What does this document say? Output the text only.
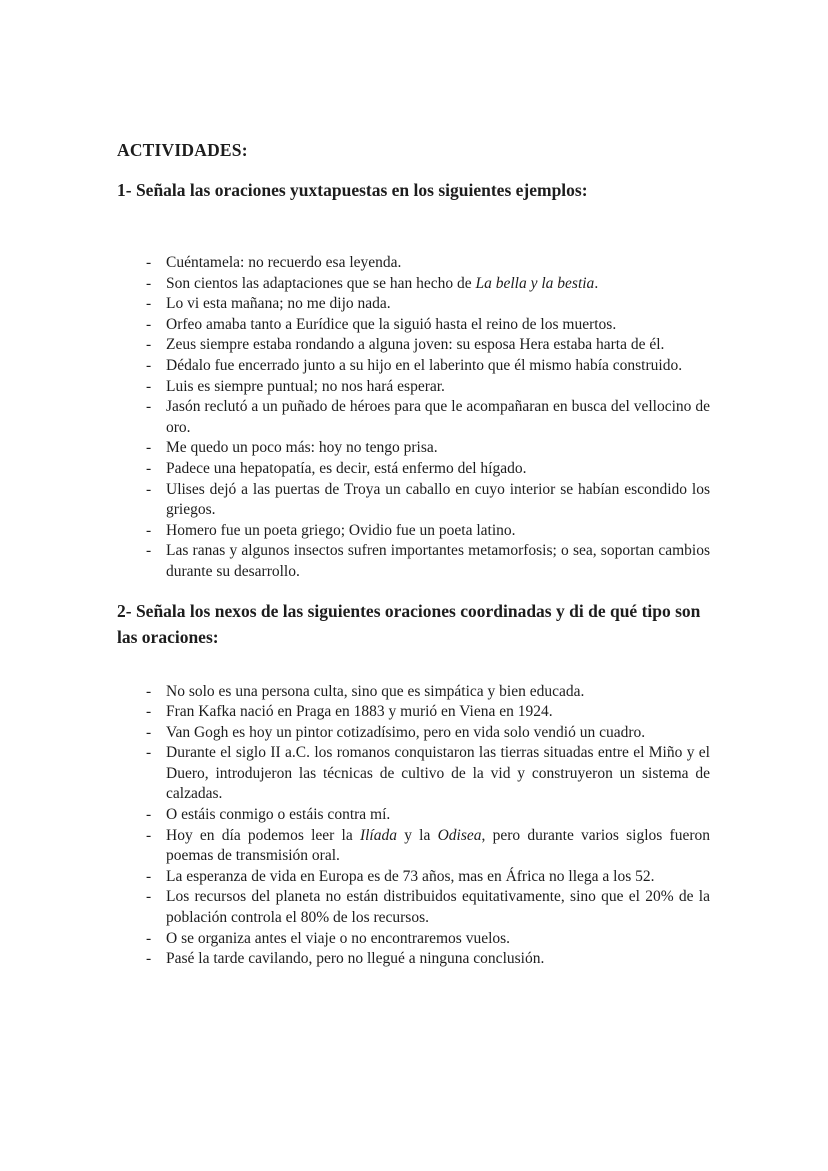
ACTIVIDADES:
1- Señala las oraciones yuxtapuestas en los siguientes ejemplos:
- Cuéntamela: no recuerdo esa leyenda.
- Son cientos las adaptaciones que se han hecho de La bella y la bestia.
- Lo vi esta mañana; no me dijo nada.
- Orfeo amaba tanto a Eurídice que la siguió hasta el reino de los muertos.
- Zeus siempre estaba rondando a alguna joven: su esposa Hera estaba harta de él.
- Dédalo fue encerrado junto a su hijo en el laberinto que él mismo había construido.
- Luis es siempre puntual; no nos hará esperar.
- Jasón reclutó a un puñado de héroes para que le acompañaran en busca del vellocino de oro.
- Me quedo un poco más: hoy no tengo prisa.
- Padece una hepatopatía, es decir, está enfermo del hígado.
- Ulises dejó a las puertas de Troya un caballo en cuyo interior se habían escondido los griegos.
- Homero fue un poeta griego; Ovidio fue un poeta latino.
- Las ranas y algunos insectos sufren importantes metamorfosis; o sea, soportan cambios durante su desarrollo.
2- Señala los nexos de las siguientes oraciones coordinadas y di de qué tipo son las oraciones:
- No solo es una persona culta, sino que es simpática y bien educada.
- Fran Kafka nació en Praga en 1883 y murió en Viena en 1924.
- Van Gogh es hoy un pintor cotizadísimo, pero en vida solo vendió un cuadro.
- Durante el siglo II a.C. los romanos conquistaron las tierras situadas entre el Miño y el Duero, introdujeron las técnicas de cultivo de la vid y construyeron un sistema de calzadas.
- O estáis conmigo o estáis contra mí.
- Hoy en día podemos leer la Ilíada y la Odisea, pero durante varios siglos fueron poemas de transmisión oral.
- La esperanza de vida en Europa es de 73 años, mas en África no llega a los 52.
- Los recursos del planeta no están distribuidos equitativamente, sino que el 20% de la población controla el 80% de los recursos.
- O se organiza antes el viaje o no encontraremos vuelos.
- Pasé la tarde cavilando, pero no llegué a ninguna conclusión.
